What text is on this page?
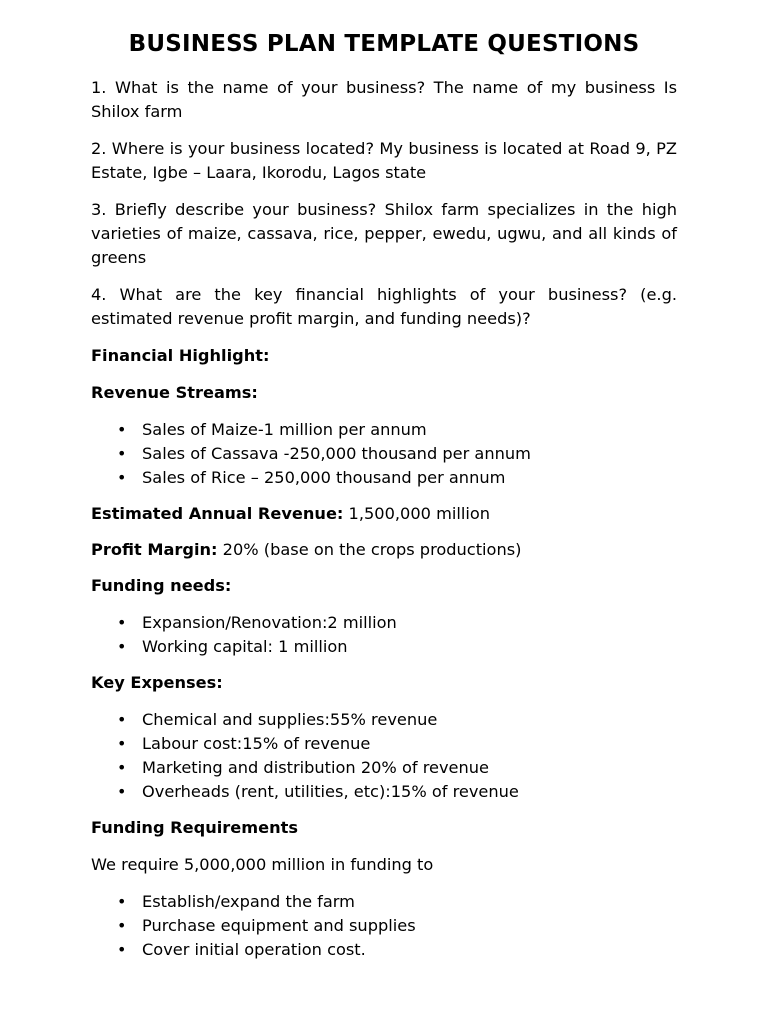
BUSINESS PLAN TEMPLATE QUESTIONS

1. What is the name of your business? The name of my business Is Shilox farm

2. Where is your business located? My business is located at Road 9, PZ Estate, Igbe – Laara, Ikorodu, Lagos state

3. Briefly describe your business? Shilox farm specializes in the high varieties of maize, cassava, rice, pepper, ewedu, ugwu, and all kinds of greens

4. What are the key financial highlights of your business? (e.g. estimated revenue profit margin, and funding needs)?

Financial Highlight:

Revenue Streams:

• Sales of Maize-1 million per annum
• Sales of Cassava -250,000 thousand per annum
• Sales of Rice – 250,000 thousand per annum

Estimated Annual Revenue: 1,500,000 million

Profit Margin: 20% (base on the crops productions)

Funding needs:

• Expansion/Renovation:2 million
• Working capital: 1 million

Key Expenses:

• Chemical and supplies:55% revenue
• Labour cost:15% of revenue
• Marketing and distribution 20% of revenue
• Overheads (rent, utilities, etc):15% of revenue

Funding Requirements

We require 5,000,000 million in funding to

• Establish/expand the farm
• Purchase equipment and supplies
• Cover initial operation cost.
